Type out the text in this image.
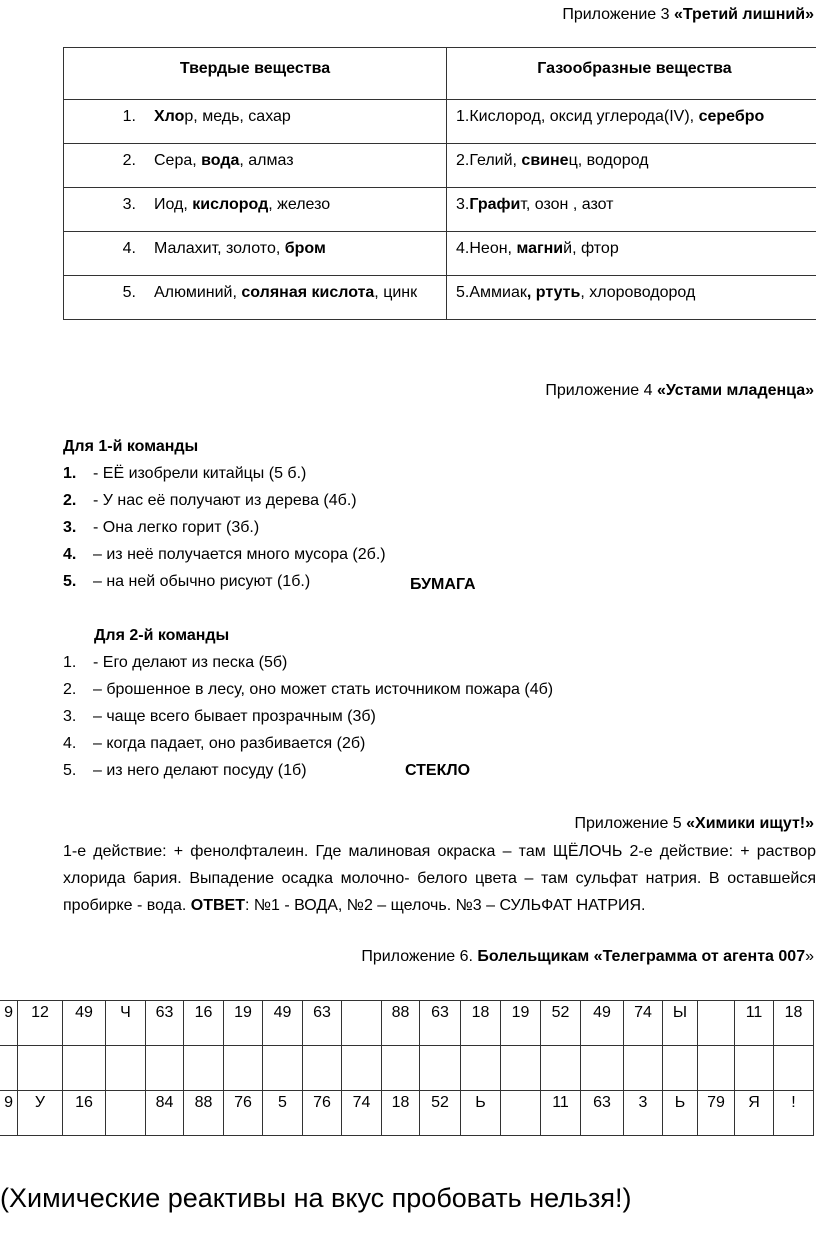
Приложение 3 «Третий лишний»
Твердые вещества	Газообразные вещества
1. Хлор, медь, сахар	1.Кислород, оксид углерода(IV), серебро
2. Сера, вода, алмаз	2.Гелий, свинец, водород
3. Иод, кислород, железо	3.Графит, озон , азот
4. Малахит, золото, бром	4.Неон, магний, фтор
5. Алюминий, соляная кислота, цинк	5.Аммиак, ртуть, хлороводород
Приложение 4 «Устами младенца»
Для 1-й команды
1. - ЕЁ изобрели китайцы (5 б.)
2. - У нас её получают из дерева (4б.)
3. - Она легко горит (3б.)
4. – из неё получается много мусора (2б.)
5. – на ней обычно рисуют (1б.)	БУМАГА
Для 2-й команды
1. - Его делают из песка (5б)
2. – брошенное в лесу, оно может стать источником пожара (4б)
3. – чаще всего бывает прозрачным (3б)
4. – когда падает, оно разбивается (2б)
5. – из него делают посуду (1б)	СТЕКЛО
Приложение 5 «Химики ищут!»
1-е действие: + фенолфталеин. Где малиновая окраска – там ЩЁЛОЧЬ 2-е действие: + раствор хлорида бария. Выпадение осадка молочно- белого цвета – там сульфат натрия. В оставшейся пробирке - вода. ОТВЕТ: №1 - ВОДА, №2 – щелочь. №3 – СУЛЬФАТ НАТРИЯ.
Приложение 6. Болельщикам «Телеграмма от агента 007»
9	12	49	Ч	63	16	19	49	63		88	63	18	19	52	49	74	Ы		11	18

9	У	16		84	88	76	5	76	74	18	52	Ь		11	63	3	Ь	79	Я	!
(Химические реактивы на вкус пробовать нельзя!)
